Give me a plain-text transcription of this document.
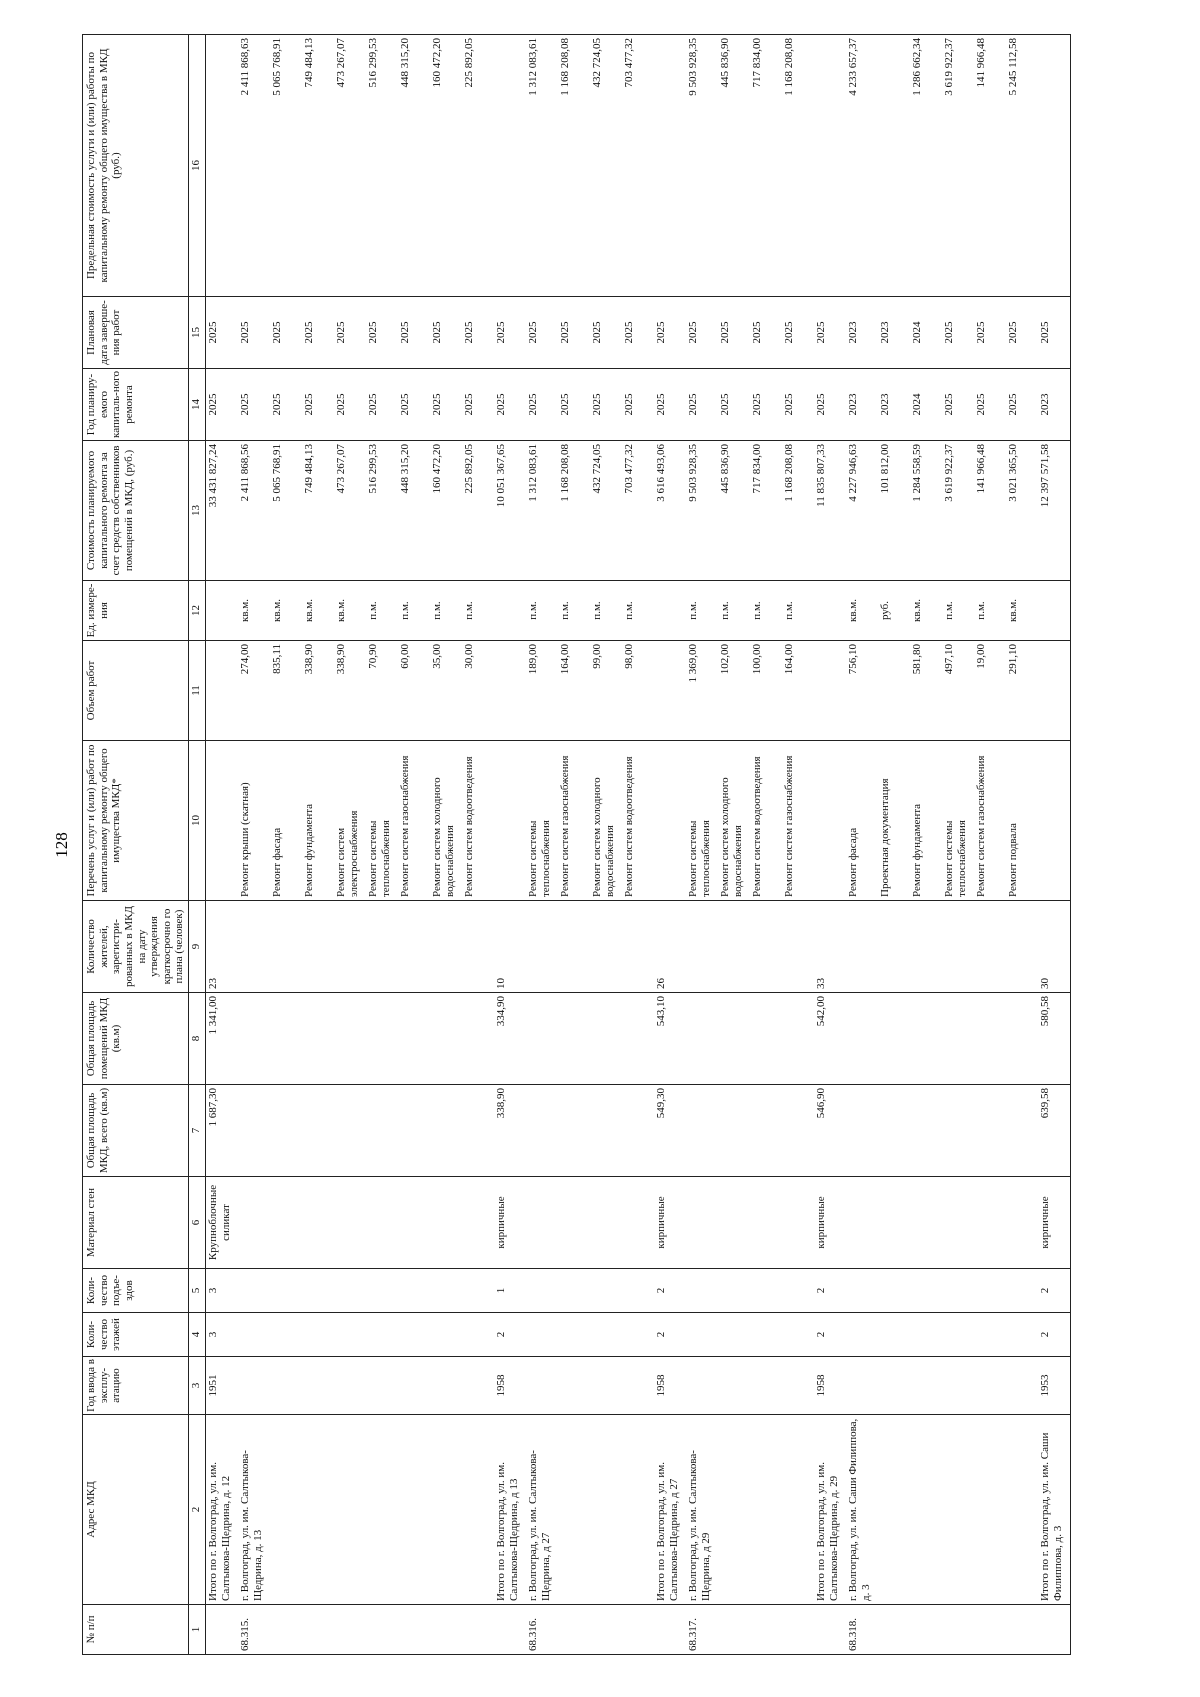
128
№ п/п	Адрес МКД	Год ввода в эксплу-атацию	Коли-чество этажей	Коли-чество подъе-здов	Материал стен	Общая площадь МКД, всего (кв.м)	Общая площадь помещений МКД (кв.м)	Количество жителей, зарегистри-рованных в МКД на дату утверждения краткосрочно го плана (человек)	Перечень услуг и (или) работ по капитальному ремонту общего имущества МКД*	Объем работ	Ед. измере-ния	Стоимость планируемого капитального ремонта за счет средств собственников помещений в МКД, (руб.)	Год планиру-емого капиталь-ного ремонта	Плановая дата заверше-ния работ	Предельная стоимость услуги и (или) работы по капитальному ремонту общего имущества в МКД (руб.)
1	2	3	4	5	6	7	8	9	10	11	12	13	14	15	16
	Итого по г. Волгоград, ул. им. Салтыкова-Щедрина, д. 12	1951	3	3	Крупноблочные силикат	1 687,30	1 341,00	23				33 431 827,24	2025	2025	
68.315.	г. Волгоград, ул. им. Салтыкова-Щедрина, д. 13								Ремонт крыши (скатная)	274,00	кв.м.	2 411 868,56	2025	2025	2 411 868,63
									Ремонт фасада	835,11	кв.м.	5 065 768,91	2025	2025	5 065 768,91
									Ремонт фундамента	338,90	кв.м.	749 484,13	2025	2025	749 484,13
									Ремонт систем электроснабжения	338,90	кв.м.	473 267,07	2025	2025	473 267,07
									Ремонт системы теплоснабжения	70,90	п.м.	516 299,53	2025	2025	516 299,53
									Ремонт систем газоснабжения	60,00	п.м.	448 315,20	2025	2025	448 315,20
									Ремонт систем холодного водоснабжения	35,00	п.м.	160 472,20	2025	2025	160 472,20
									Ремонт систем водоотведения	30,00	п.м.	225 892,05	2025	2025	225 892,05
	Итого по г. Волгоград, ул. им. Салтыкова-Щедрина, д 13	1958	2	1	кирпичные	338,90	334,90	10				10 051 367,65	2025	2025	
68.316.	г. Волгоград, ул. им. Салтыкова-Щедрина, д 27								Ремонт системы теплоснабжения	189,00	п.м.	1 312 083,61	2025	2025	1 312 083,61
									Ремонт систем газоснабжения	164,00	п.м.	1 168 208,08	2025	2025	1 168 208,08
									Ремонт систем холодного водоснабжения	99,00	п.м.	432 724,05	2025	2025	432 724,05
									Ремонт систем водоотведения	98,00	п.м.	703 477,32	2025	2025	703 477,32
	Итого по г. Волгоград, ул. им. Салтыкова-Щедрина, д 27	1958	2	2	кирпичные	549,30	543,10	26				3 616 493,06	2025	2025	
68.317.	г. Волгоград, ул. им. Салтыкова-Щедрина, д 29								Ремонт системы теплоснабжения	1 369,00	п.м.	9 503 928,35	2025	2025	9 503 928,35
									Ремонт систем холодного водоснабжения	102,00	п.м.	445 836,90	2025	2025	445 836,90
									Ремонт систем водоотведения	100,00	п.м.	717 834,00	2025	2025	717 834,00
									Ремонт систем газоснабжения	164,00	п.м.	1 168 208,08	2025	2025	1 168 208,08
	Итого по г. Волгоград, ул. им. Салтыкова-Щедрина, д. 29	1958	2	2	кирпичные	546,90	542,00	33				11 835 807,33	2025	2025	
68.318.	г. Волгоград, ул. им. Саши Филиппова, д. 3								Ремонт фасада	756,10	кв.м.	4 227 946,63	2023	2023	4 233 657,37
									Проектная документация		руб.	101 812,00	2023	2023	
									Ремонт фундамента	581,80	кв.м.	1 284 558,59	2024	2024	1 286 662,34
									Ремонт системы теплоснабжения	497,10	п.м.	3 619 922,37	2025	2025	3 619 922,37
									Ремонт систем газоснабжения	19,00	п.м.	141 966,48	2025	2025	141 966,48
									Ремонт подвала	291,10	кв.м.	3 021 365,50	2025	2025	5 245 112,58
	Итого по г. Волгоград, ул. им. Саши Филиппова, д. 3	1953	2	2	кирпичные	639,58	580,58	30				12 397 571,58	2023	2025	
